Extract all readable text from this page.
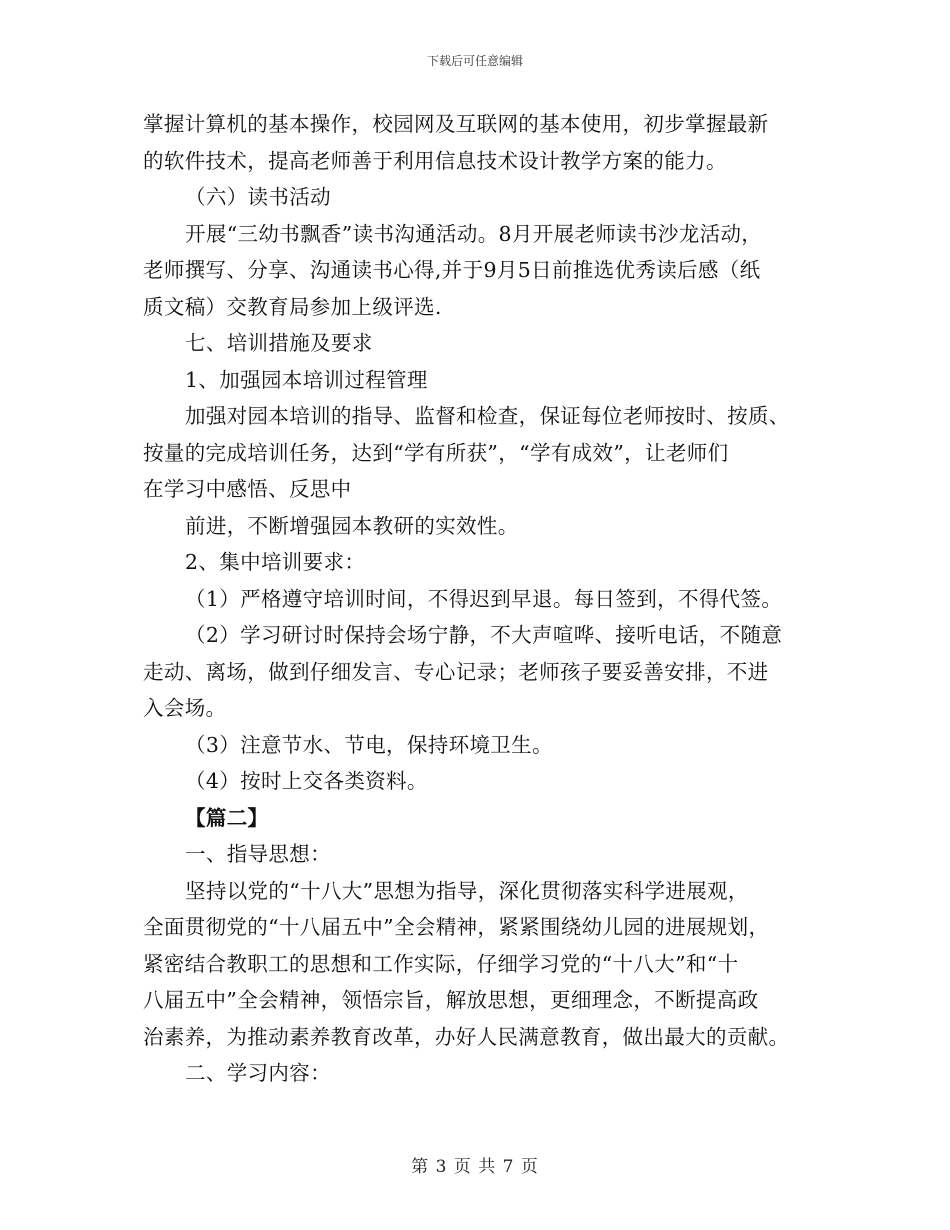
下载后可任意编辑
掌握计算机的基本操作，校园网及互联网的基本使用，初步掌握最新
的软件技术，提高老师善于利用信息技术设计教学方案的能力。
（六）读书活动
开展“三幼书飘香”读书沟通活动。8月开展老师读书沙龙活动，
老师撰写、分享、沟通读书心得,并于9月5日前推选优秀读后感（纸
质文稿）交教育局参加上级评选.
七、培训措施及要求
1、加强园本培训过程管理
加强对园本培训的指导、监督和检查，保证每位老师按时、按质、
按量的完成培训任务，达到“学有所获”，“学有成效”，让老师们
在学习中感悟、反思中
前进，不断增强园本教研的实效性。
2、集中培训要求：
（1）严格遵守培训时间，不得迟到早退。每日签到，不得代签。
（2）学习研讨时保持会场宁静，不大声喧哗、接听电话，不随意
走动、离场，做到仔细发言、专心记录；老师孩子要妥善安排，不进
入会场。
（3）注意节水、节电，保持环境卫生。
（4）按时上交各类资料。
【篇二】
一、指导思想：
坚持以党的“十八大”思想为指导，深化贯彻落实科学进展观，
全面贯彻党的“十八届五中”全会精神，紧紧围绕幼儿园的进展规划，
紧密结合教职工的思想和工作实际，仔细学习党的“十八大”和“十
八届五中”全会精神，领悟宗旨，解放思想，更细理念，不断提高政
治素养，为推动素养教育改革，办好人民满意教育，做出最大的贡献。
二、学习内容：
第 3 页 共 7 页
